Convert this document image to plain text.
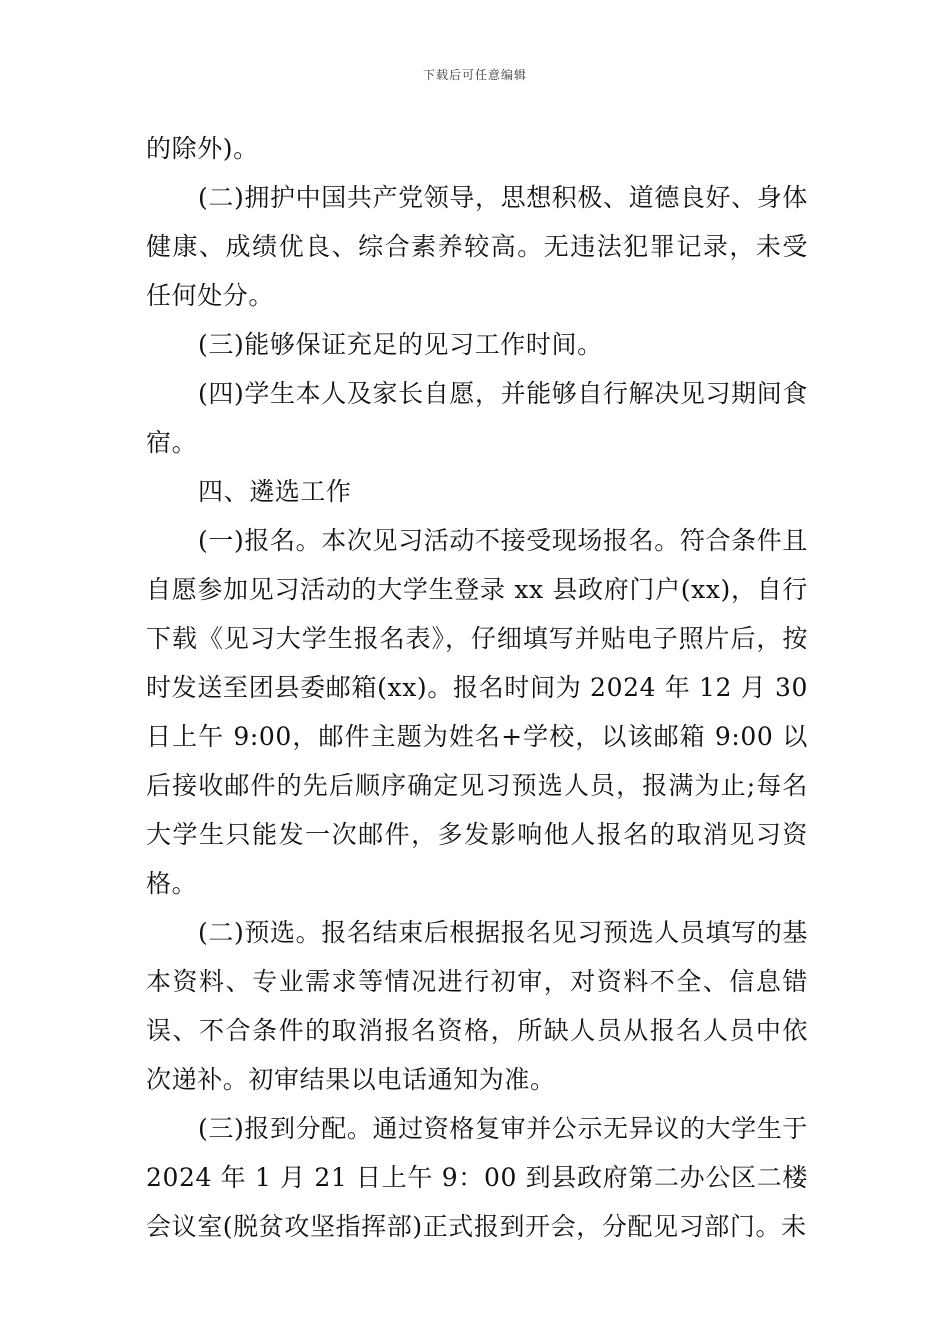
下载后可任意编辑

的除外)。

(二)拥护中国共产党领导，思想积极、道德良好、身体健康、成绩优良、综合素养较高。无违法犯罪记录，未受任何处分。

(三)能够保证充足的见习工作时间。

(四)学生本人及家长自愿，并能够自行解决见习期间食宿。

四、遴选工作

(一)报名。本次见习活动不接受现场报名。符合条件且自愿参加见习活动的大学生登录 xx 县政府门户(xx)，自行下载《见习大学生报名表》，仔细填写并贴电子照片后，按时发送至团县委邮箱(xx)。报名时间为 2024 年 12 月 30 日上午 9:00，邮件主题为姓名+学校，以该邮箱 9:00 以后接收邮件的先后顺序确定见习预选人员，报满为止;每名大学生只能发一次邮件，多发影响他人报名的取消见习资格。

(二)预选。报名结束后根据报名见习预选人员填写的基本资料、专业需求等情况进行初审，对资料不全、信息错误、不合条件的取消报名资格，所缺人员从报名人员中依次递补。初审结果以电话通知为准。

(三)报到分配。通过资格复审并公示无异议的大学生于 2024 年 1 月 21 日上午 9：00 到县政府第二办公区二楼会议室(脱贫攻坚指挥部)正式报到开会，分配见习部门。未
